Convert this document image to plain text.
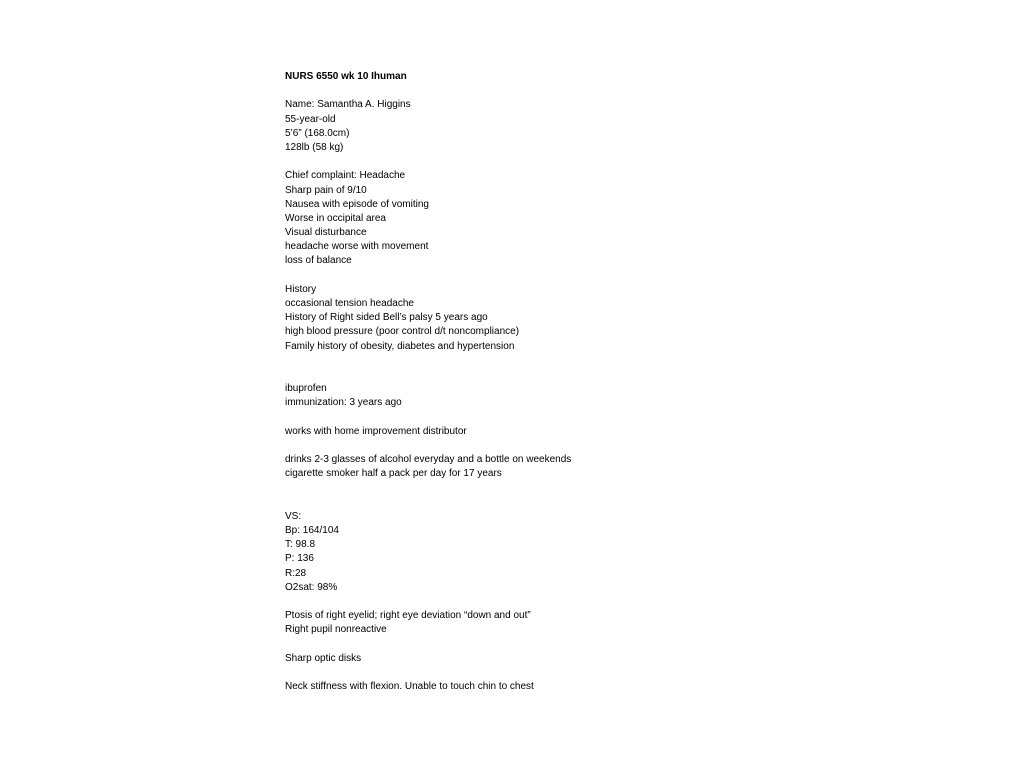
NURS 6550 wk 10 Ihuman
Name: Samantha A. Higgins
55-year-old
5’6” (168.0cm)
128lb (58 kg)
Chief complaint: Headache
Sharp pain of 9/10
Nausea with episode of vomiting
Worse in occipital area
Visual disturbance
headache worse with movement
loss of balance
History
occasional tension headache
History of Right sided Bell’s palsy 5 years ago
high blood pressure (poor control d/t noncompliance)
Family history of obesity, diabetes and hypertension
ibuprofen
immunization: 3 years ago
works with home improvement distributor
drinks 2-3 glasses of alcohol everyday and a bottle on weekends
cigarette smoker half a pack per day for 17 years
VS:
Bp: 164/104
T: 98.8
P: 136
R:28
O2sat: 98%
Ptosis of right eyelid; right eye deviation “down and out”
Right pupil nonreactive
Sharp optic disks
Neck stiffness with flexion. Unable to touch chin to chest
